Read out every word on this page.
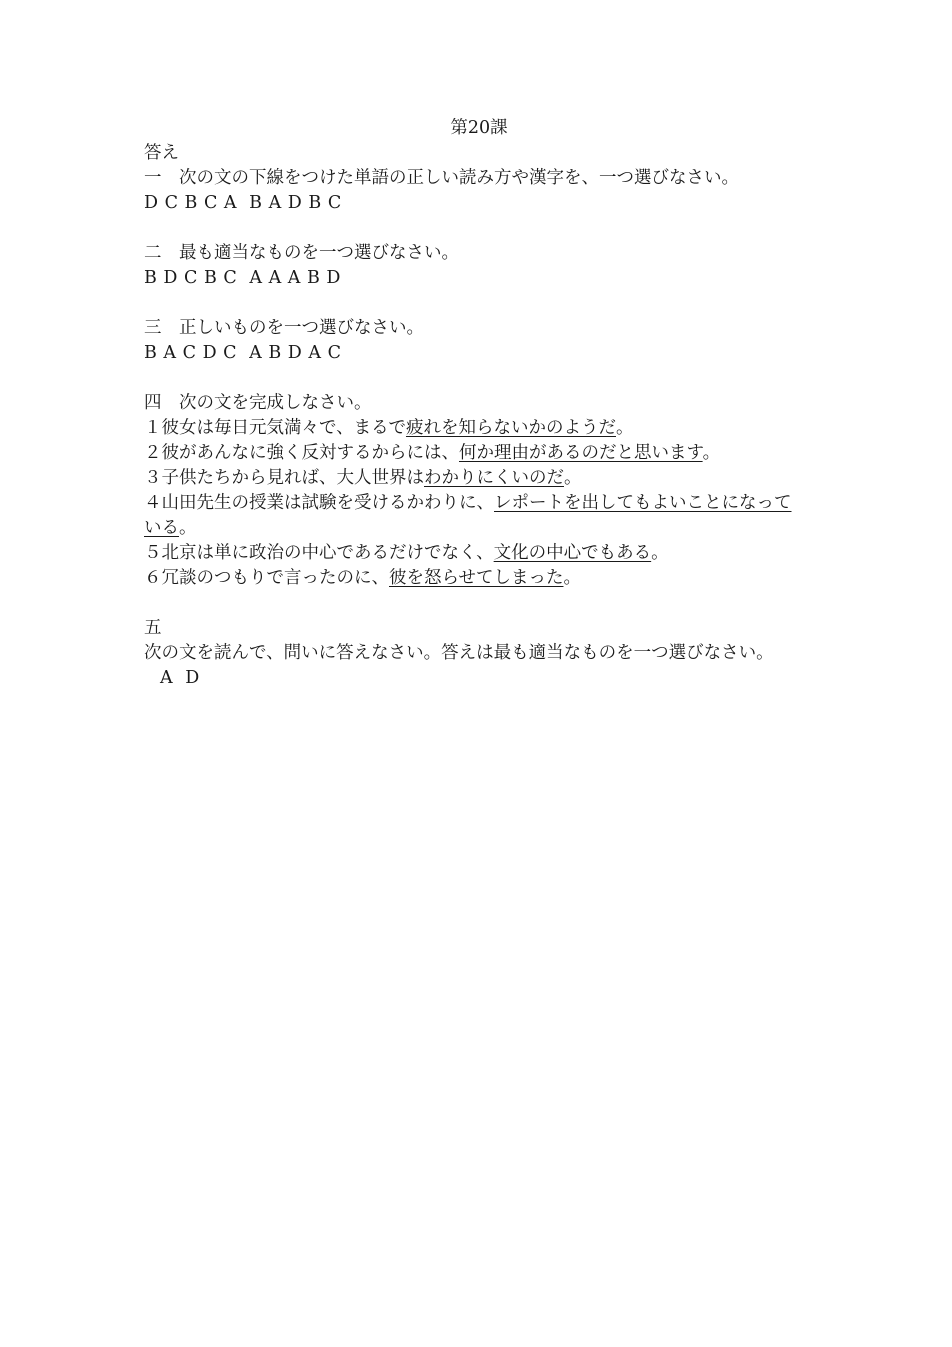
第20課

答え

一　次の文の下線をつけた単語の正しい読み方や漢字を、一つ選びなさい。

D C B C A  B A D B C

二　最も適当なものを一つ選びなさい。

B D C B C  A A A B D

三　正しいものを一つ選びなさい。

B A C D C  A B D A C

四　次の文を完成しなさい。

１彼女は毎日元気満々で、まるで疲れを知らないかのようだ。

２彼があんなに強く反対するからには、何か理由があるのだと思います。

３子供たちから見れば、大人世界はわかりにくいのだ。

４山田先生の授業は試験を受けるかわりに、レポートを出してもよいことになっている。

５北京は単に政治の中心であるだけでなく、文化の中心でもある。

６冗談のつもりで言ったのに、彼を怒らせてしまった。

五

次の文を読んで、問いに答えなさい。答えは最も適当なものを一つ選びなさい。

A  D
